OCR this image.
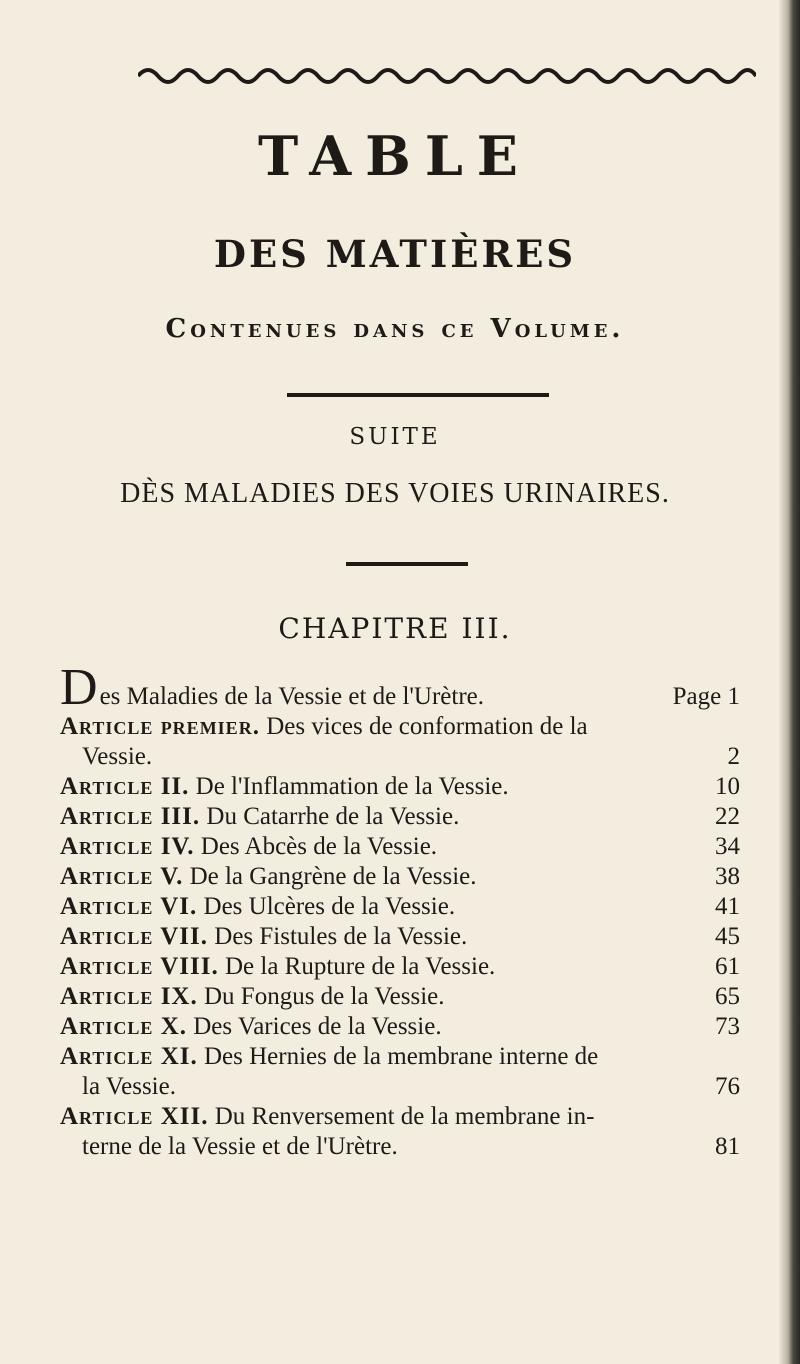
TABLE
DES MATIÈRES
Contenues dans ce Volume.
SUITE
DÈS MALADIES DES VOIES URINAIRES.
CHAPITRE III.
Des Maladies de la Vessie et de l'Urètre.	Page 1
Article premier. Des vices de conformation de la
Vessie.	2
Article II. De l'Inflammation de la Vessie.	10
Article III. Du Catarrhe de la Vessie.	22
Article IV. Des Abcès de la Vessie.	34
Article V. De la Gangrène de la Vessie.	38
Article VI. Des Ulcères de la Vessie.	41
Article VII. Des Fistules de la Vessie.	45
Article VIII. De la Rupture de la Vessie.	61
Article IX. Du Fongus de la Vessie.	65
Article X. Des Varices de la Vessie.	73
Article XI. Des Hernies de la membrane interne de
la Vessie.	76
Article XII. Du Renversement de la membrane in-
terne de la Vessie et de l'Urètre.	81
